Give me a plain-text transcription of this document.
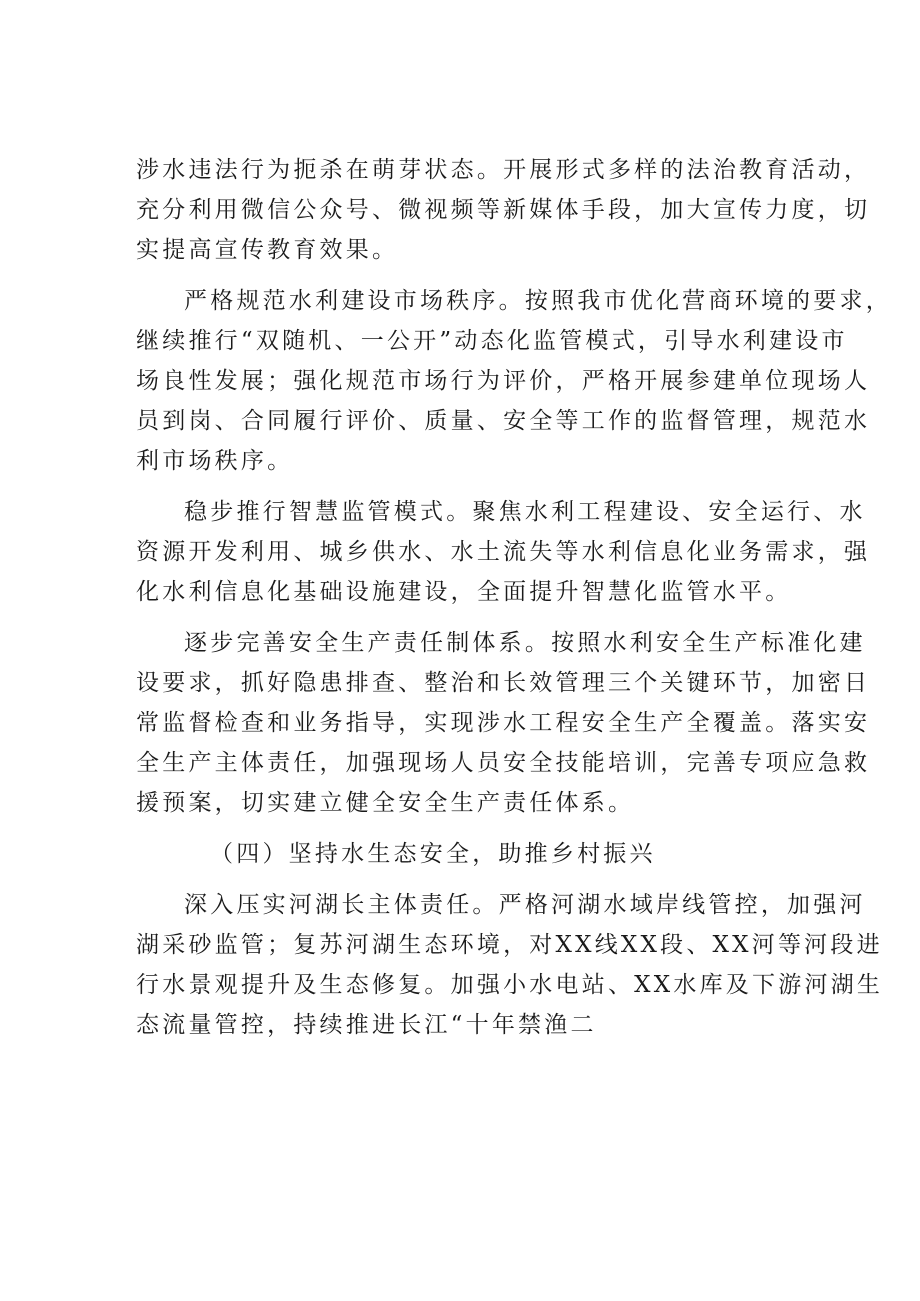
涉水违法行为扼杀在萌芽状态。开展形式多样的法治教育活动，
充分利用微信公众号、微视频等新媒体手段，加大宣传力度，切
实提高宣传教育效果。
严格规范水利建设市场秩序。按照我市优化营商环境的要求，
继续推行“双随机、一公开”动态化监管模式，引导水利建设市
场良性发展；强化规范市场行为评价，严格开展参建单位现场人
员到岗、合同履行评价、质量、安全等工作的监督管理，规范水
利市场秩序。
稳步推行智慧监管模式。聚焦水利工程建设、安全运行、水
资源开发利用、城乡供水、水土流失等水利信息化业务需求，强
化水利信息化基础设施建设，全面提升智慧化监管水平。
逐步完善安全生产责任制体系。按照水利安全生产标准化建
设要求，抓好隐患排查、整治和长效管理三个关键环节，加密日
常监督检查和业务指导，实现涉水工程安全生产全覆盖。落实安
全生产主体责任，加强现场人员安全技能培训，完善专项应急救
援预案，切实建立健全安全生产责任体系。
（四）坚持水生态安全，助推乡村振兴
深入压实河湖长主体责任。严格河湖水域岸线管控，加强河
湖采砂监管；复苏河湖生态环境，对XX线XX段、XX河等河段进
行水景观提升及生态修复。加强小水电站、XX水库及下游河湖生
态流量管控，持续推进长江“十年禁渔二
